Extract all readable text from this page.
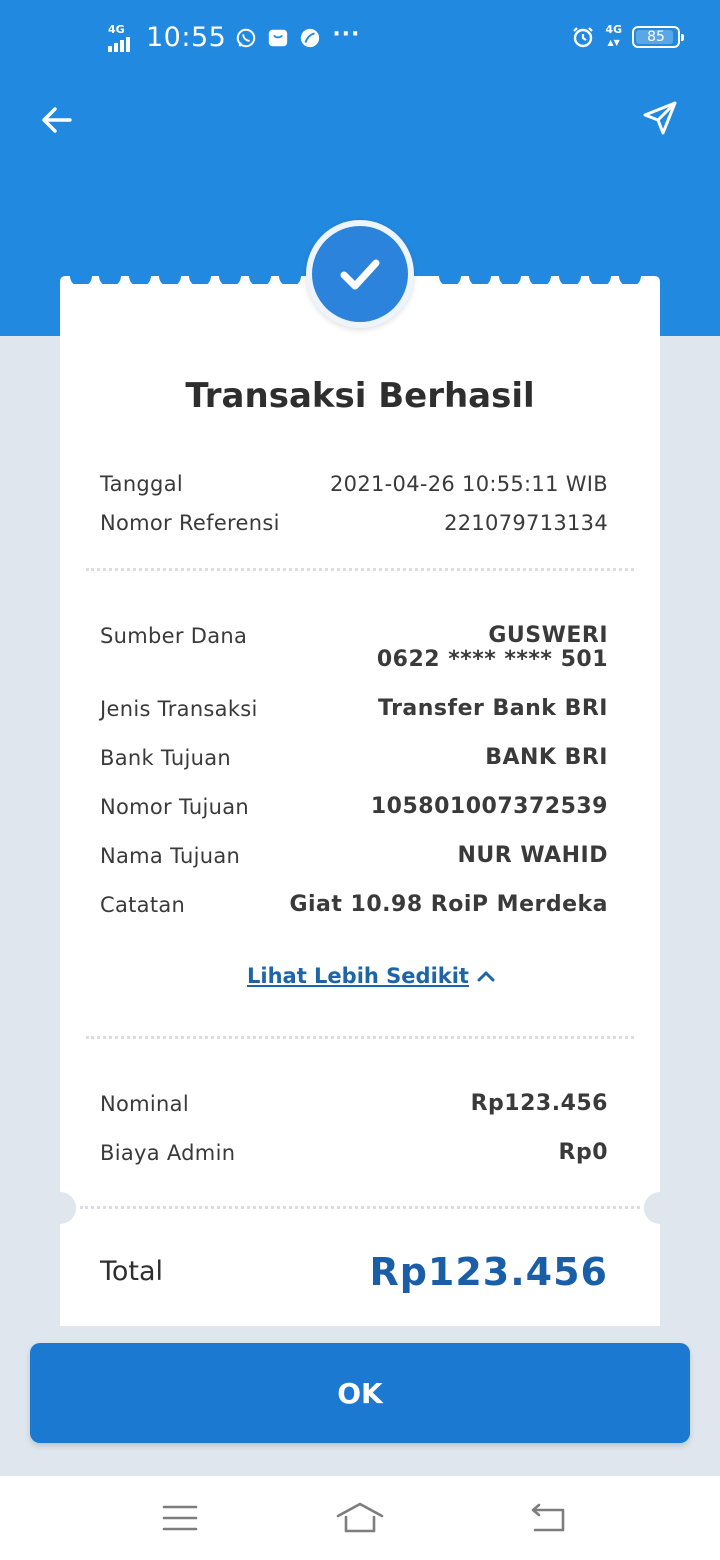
4G 10:55	···	4G
▲▼ 85
Transaksi Berhasil
Tanggal	2021-04-26 10:55:11 WIB
Nomor Referensi	221079713134
Sumber Dana	GUSWERI
0622 **** **** 501
Jenis Transaksi	Transfer Bank BRI
Bank Tujuan	BANK BRI
Nomor Tujuan	105801007372539
Nama Tujuan	NUR WAHID
Catatan	Giat 10.98 RoiP Merdeka
Lihat Lebih Sedikit
Nominal	Rp123.456
Biaya Admin	Rp0
Total	Rp123.456
OK
